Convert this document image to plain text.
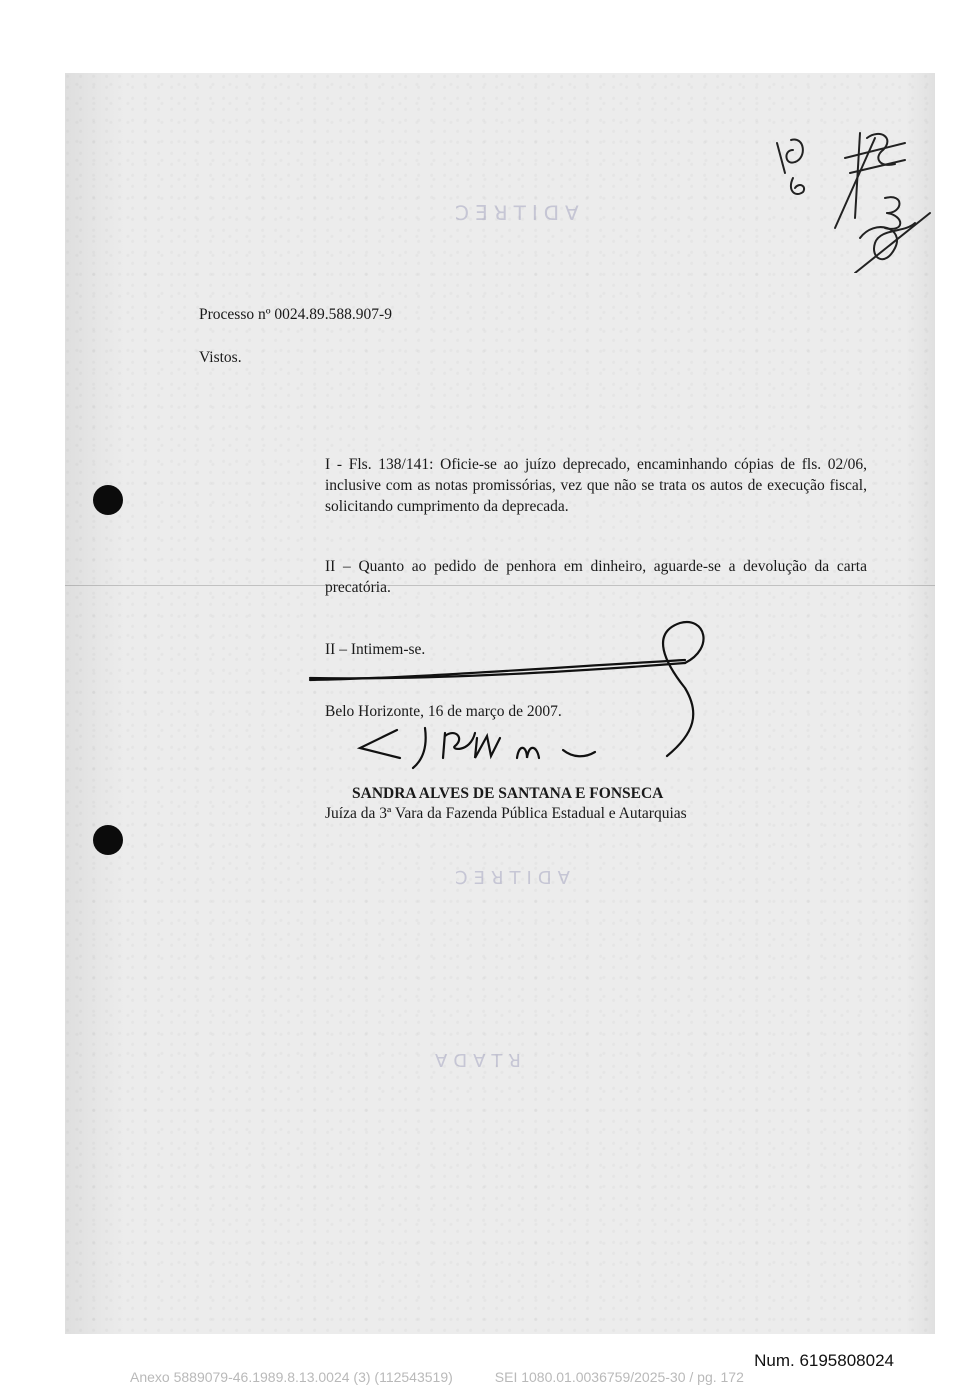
ꓛƎꓤꓔIꓷꓯ
ꓛƎꓤꓔIꓷꓯ
ꓯꓷꓯꓔꓤ
Processo nº 0024.89.588.907-9
Vistos.
I - Fls. 138/141: Oficie-se ao juízo deprecado, encaminhando cópias de fls. 02/06, inclusive com as notas promissórias, vez que não se trata os autos de execução fiscal, solicitando cumprimento da deprecada.
II – Quanto ao pedido de penhora em dinheiro, aguarde-se a devolução da carta precatória.
II – Intimem-se.
Belo Horizonte, 16 de março de 2007.
SANDRA ALVES DE SANTANA E FONSECA
Juíza da 3ª Vara da Fazenda Pública Estadual e Autarquias
Num. 6195808024
Anexo 5889079-46.1989.8.13.0024 (3) (112543519)	SEI 1080.01.0036759/2025-30 / pg. 172
